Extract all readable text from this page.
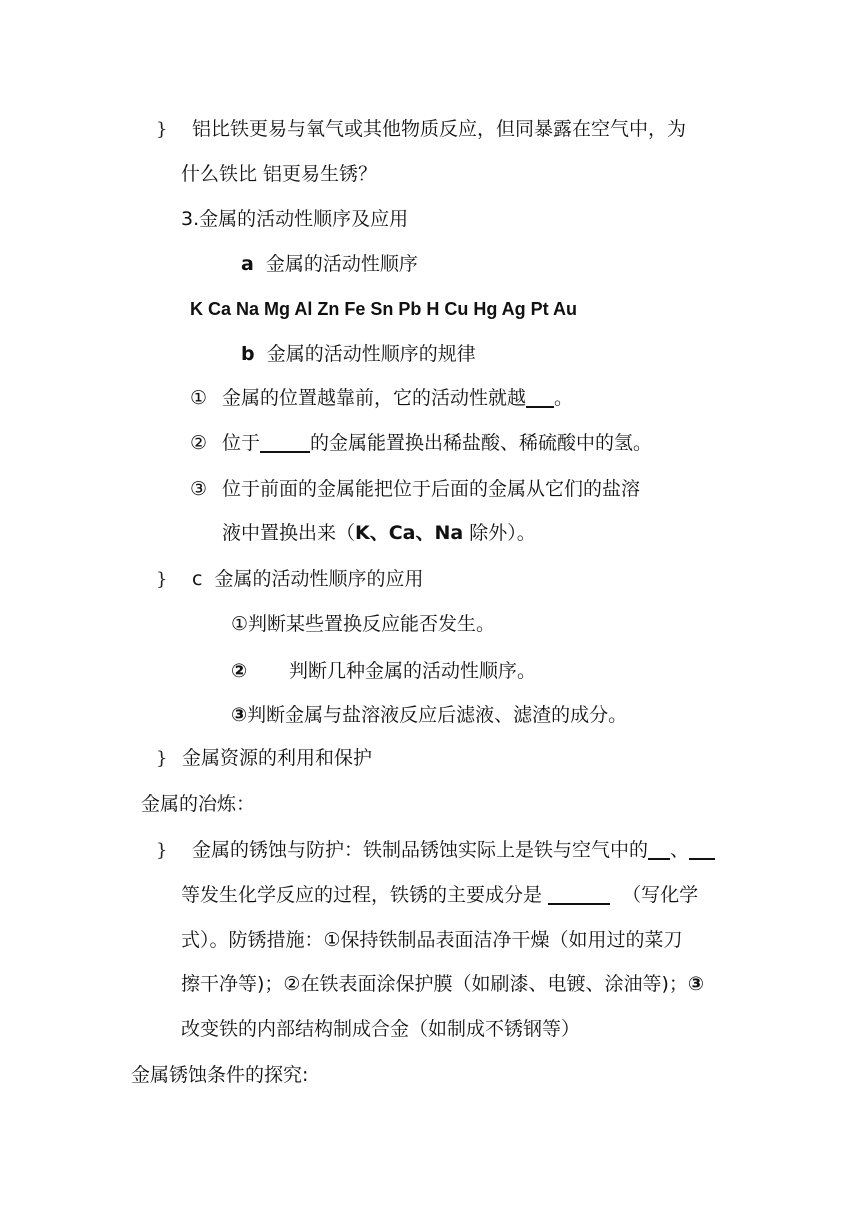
} 铝比铁更易与氧气或其他物质反应，但同暴露在空气中，为
什么铁比 铝更易生锈？
3.金属的活动性顺序及应用
a 金属的活动性顺序
K Ca Na Mg Al Zn Fe Sn Pb H Cu Hg Ag Pt Au
b 金属的活动性顺序的规律
① 金属的位置越靠前，它的活动性就越 。
② 位于	的金属能置换出稀盐酸、稀硫酸中的氢。
③ 位于前面的金属能把位于后面的金属从它们的盐溶
液中置换出来（K、Ca、Na 除外）。
} c 金属的活动性顺序的应用
①判断某些置换反应能否发生。
② 判断几种金属的活动性顺序。
③判断金属与盐溶液反应后滤液、滤渣的成分。
} 金属资源的利用和保护
金属的冶炼：
} 金属的锈蚀与防护：铁制品锈蚀实际上是铁与空气中的 、
等发生化学反应的过程，铁锈的主要成分是	（写化学
式）。防锈措施：①保持铁制品表面洁净干燥（如用过的菜刀
擦干净等)；②在铁表面涂保护膜（如刷漆、电镀、涂油等)；③
改变铁的内部结构制成合金（如制成不锈钢等）
金属锈蚀条件的探究:
